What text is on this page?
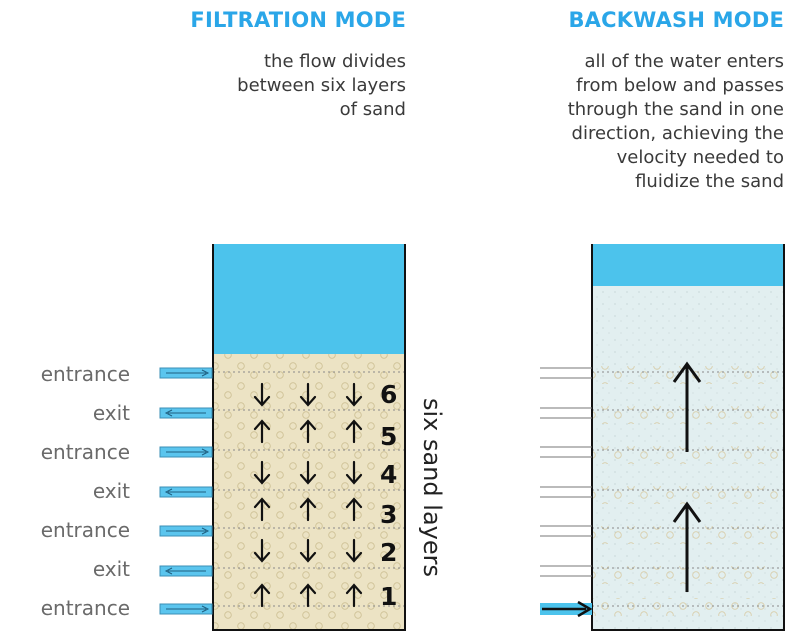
FILTRATION MODE	BACKWASH MODE
the flow divides
between six layers
of sand
all of the water enters
from below and passes
through the sand in one
direction, achieving the
velocity needed to
fluidize the sand
entrance
exit
entrance
exit
entrance
exit
entrance
6
5
4
3
2
1
six sand layers
